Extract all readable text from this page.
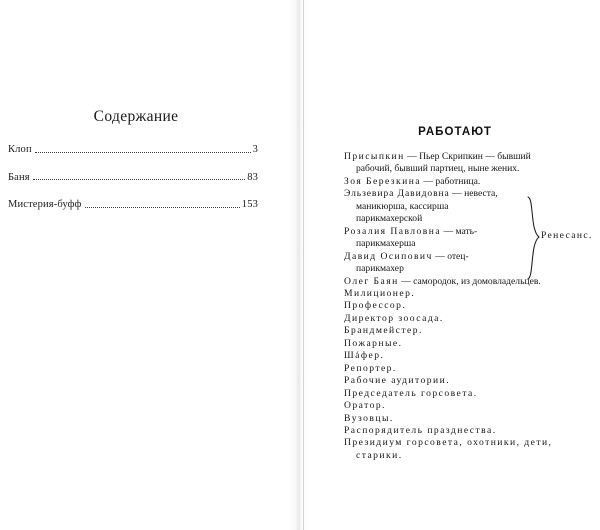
Содержание
Клоп	3
Баня	83
Мистерия-буфф	153
РАБОТАЮТ
Присыпкин — Пьер Скрипкин — бывший
рабочий, бывший партиец, ныне жених.
Зоя Березкина — работница.
Эльзевира Давидовна — невеста,
маникюрша, кассирша
парикмахерской
Розалия Павловна — мать-
парикмахерша
Давид Осипович — отец-
парикмахер
Олег Баян — самородок, из домовладельцев.
Милиционер.
Профессор.
Директор зоосада.
Брандмейстер.
Пожарные.
Шáфер.
Репортер.
Рабочие аудитории.
Председатель горсовета.
Оратор.
Вузовцы.
Распорядитель празднества.
Президиум горсовета, охотники, дети,
старики.
Ренесанс.
